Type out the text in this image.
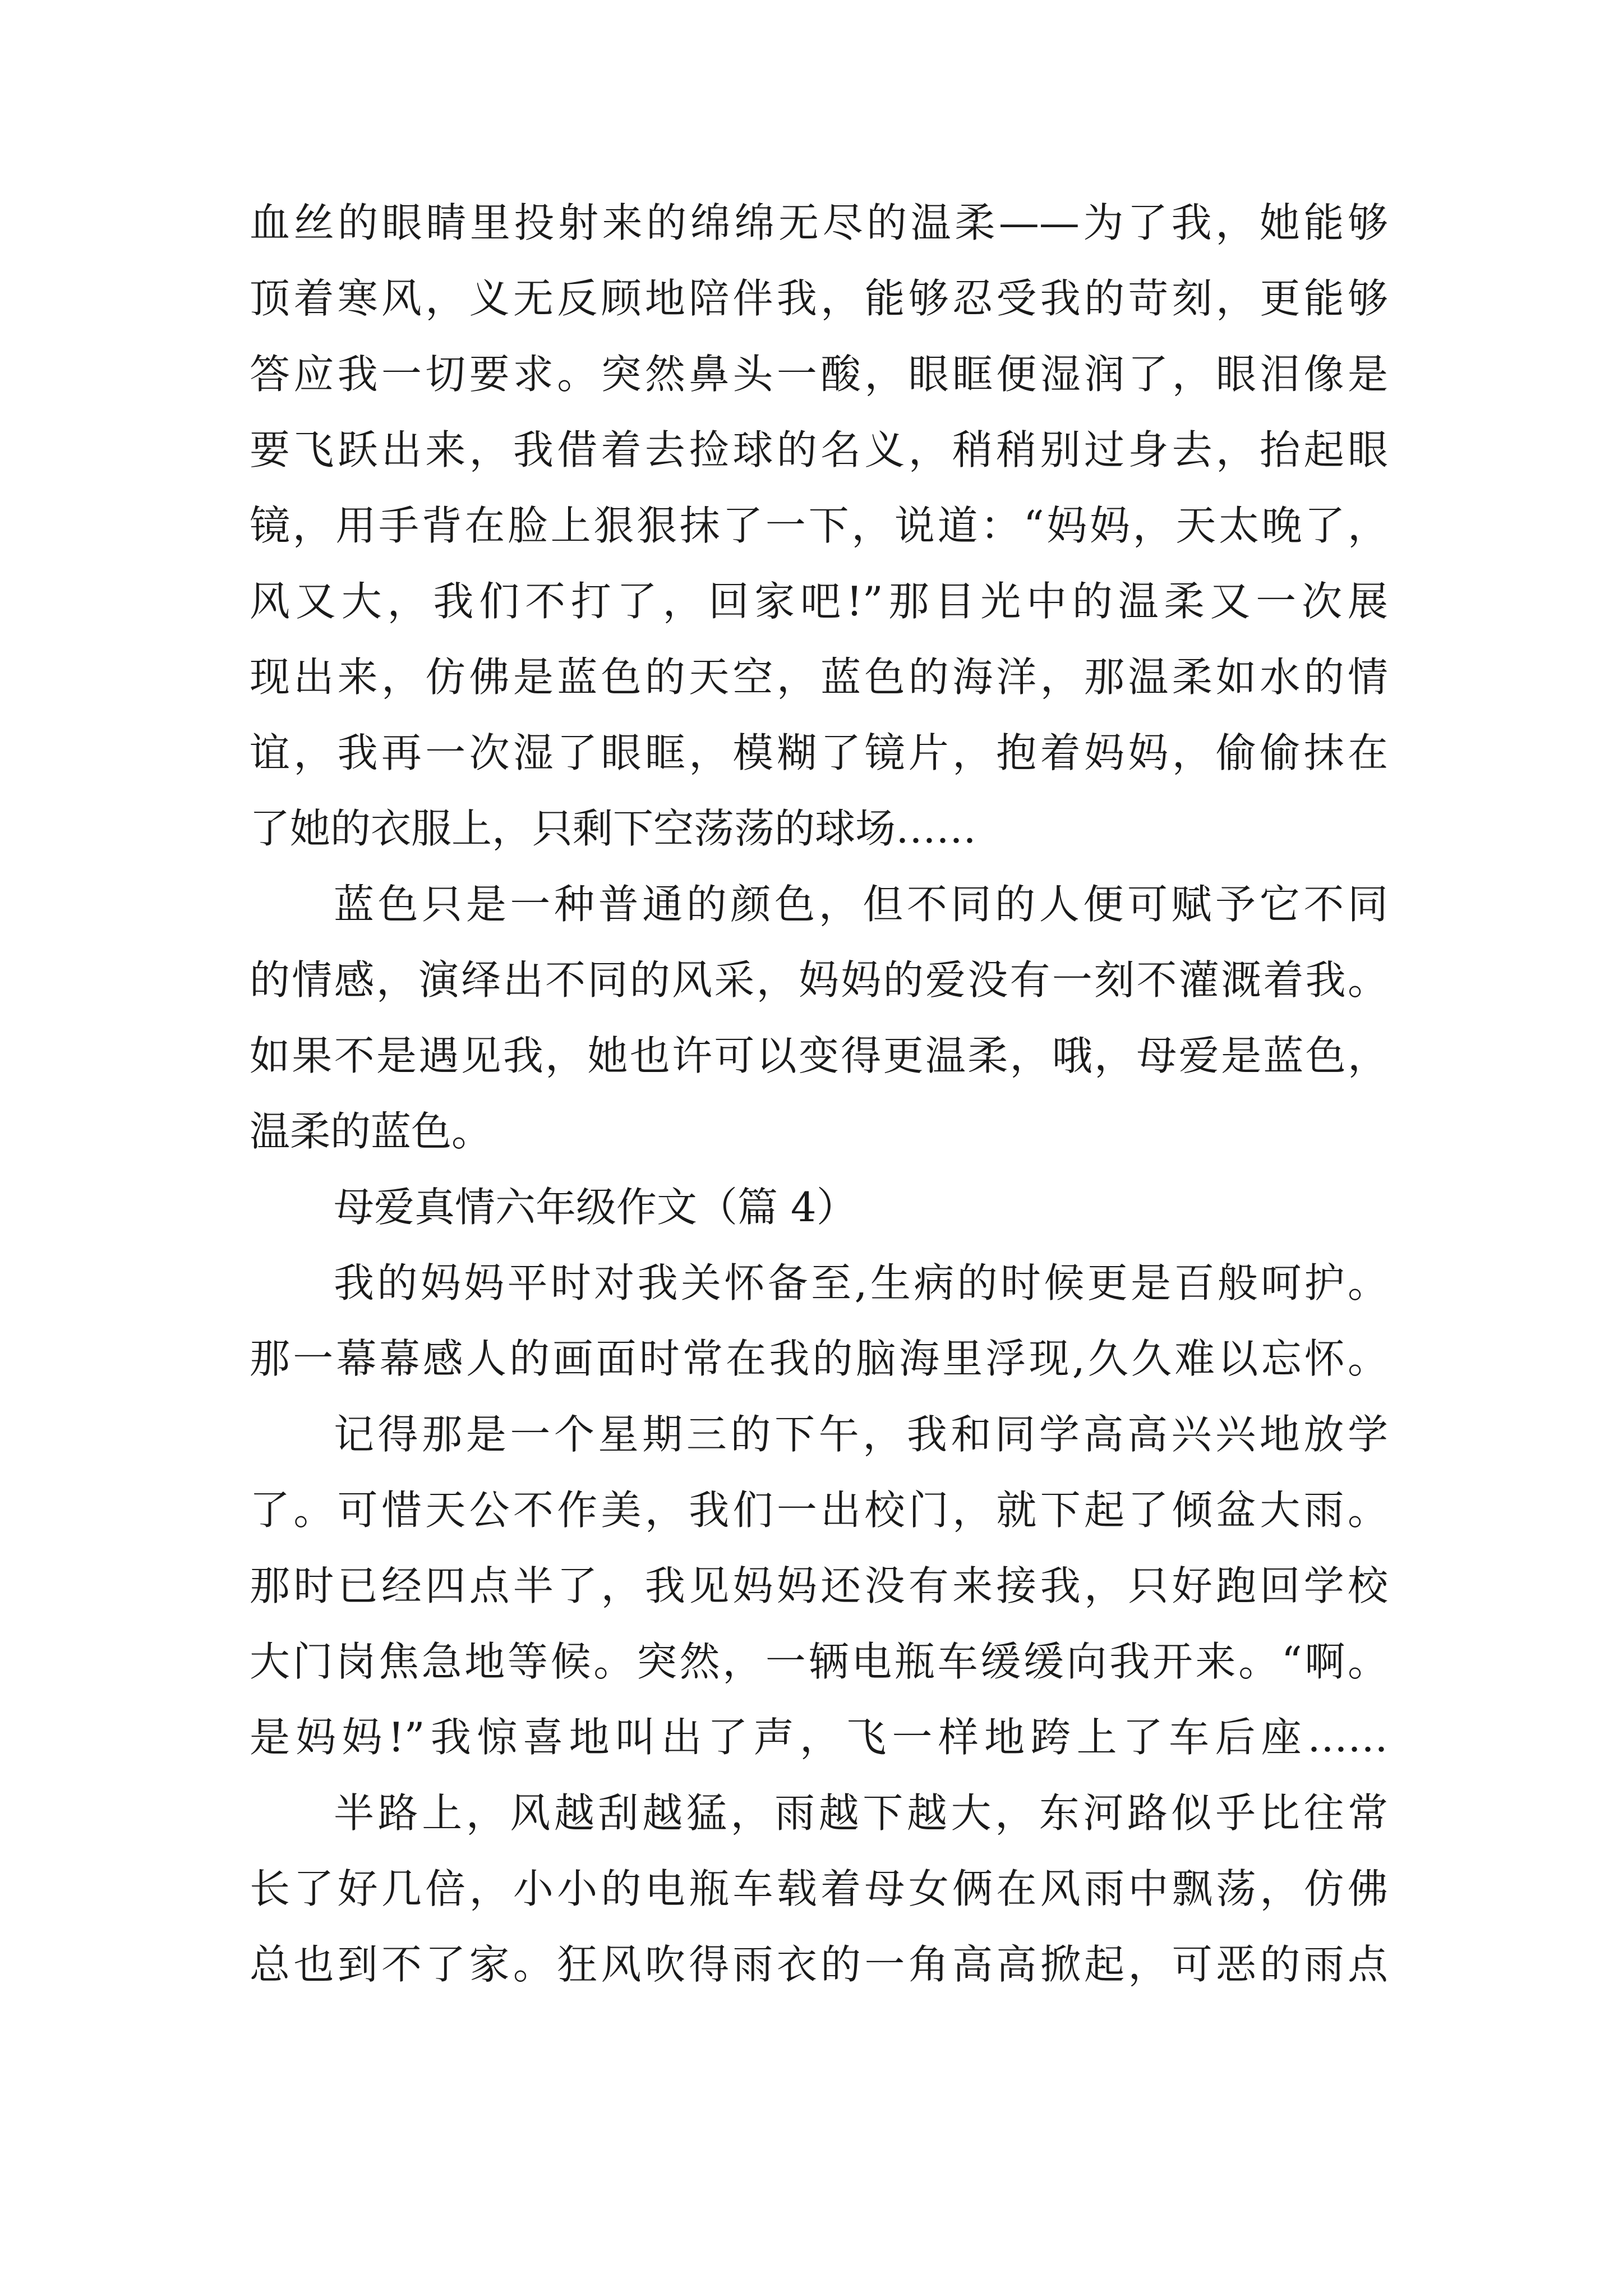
血丝的眼睛里投射来的绵绵无尽的温柔——为了我，她能够
顶着寒风，义无反顾地陪伴我，能够忍受我的苛刻，更能够
答应我一切要求。突然鼻头一酸，眼眶便湿润了，眼泪像是
要飞跃出来，我借着去捡球的名义，稍稍别过身去，抬起眼
镜，用手背在脸上狠狠抹了一下，说道：“妈妈，天太晚了，
风又大，我们不打了，回家吧!”那目光中的温柔又一次展
现出来，仿佛是蓝色的天空，蓝色的海洋，那温柔如水的情
谊，我再一次湿了眼眶，模糊了镜片，抱着妈妈，偷偷抹在
了她的衣服上，只剩下空荡荡的球场……
蓝色只是一种普通的颜色，但不同的人便可赋予它不同
的情感，演绎出不同的风采，妈妈的爱没有一刻不灌溉着我。
如果不是遇见我，她也许可以变得更温柔，哦，母爱是蓝色，
温柔的蓝色。
母爱真情六年级作文（篇 4）
我的妈妈平时对我关怀备至,生病的时候更是百般呵护。
那一幕幕感人的画面时常在我的脑海里浮现,久久难以忘怀。
记得那是一个星期三的下午，我和同学高高兴兴地放学
了。可惜天公不作美，我们一出校门，就下起了倾盆大雨。
那时已经四点半了，我见妈妈还没有来接我，只好跑回学校
大门岗焦急地等候。突然，一辆电瓶车缓缓向我开来。“啊。
是妈妈!”我惊喜地叫出了声，飞一样地跨上了车后座……
半路上，风越刮越猛，雨越下越大，东河路似乎比往常
长了好几倍，小小的电瓶车载着母女俩在风雨中飘荡，仿佛
总也到不了家。狂风吹得雨衣的一角高高掀起，可恶的雨点
